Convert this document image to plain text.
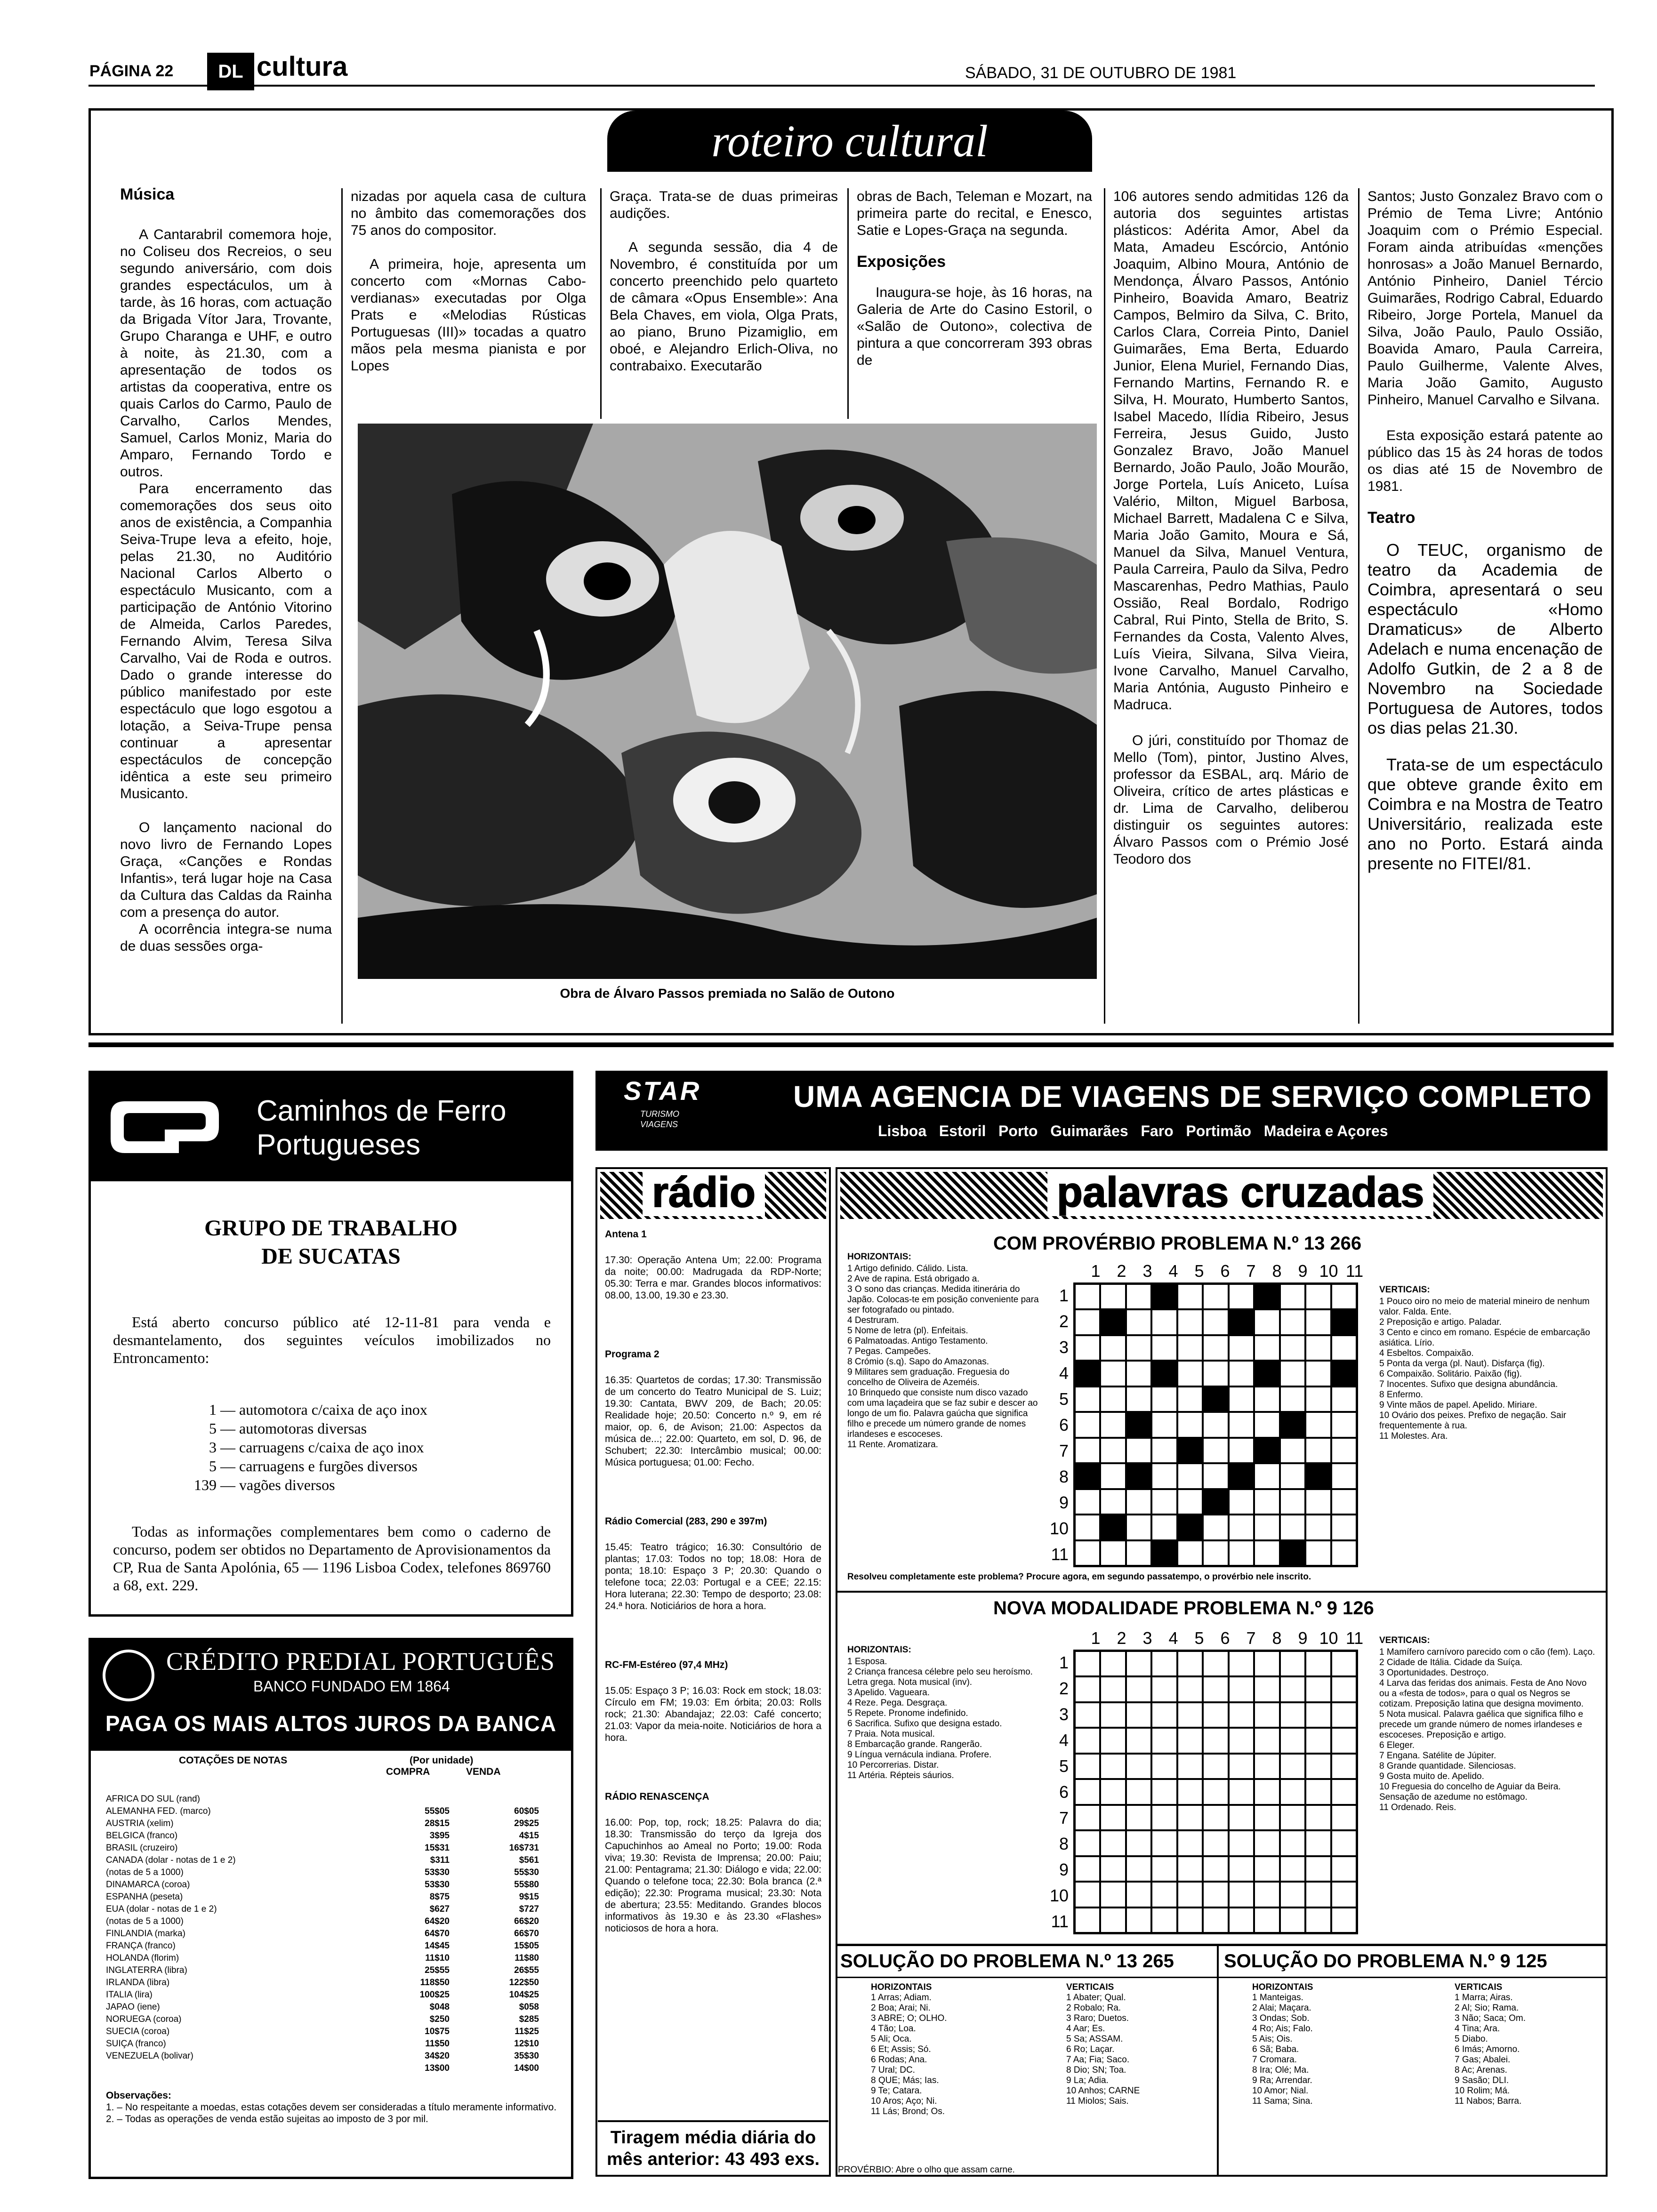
PÁGINA 22	DL cultura	SÁBADO, 31 DE OUTUBRO DE 1981
roteiro cultural

Música

A Cantarabril comemora hoje, no Coliseu dos Recreios, o seu segundo aniversário, com dois grandes espectáculos, um à tarde, às 16 horas, com actuação da Brigada Vítor Jara, Trovante, Grupo Charanga e UHF, e outro à noite, às 21.30, com a apresentação de todos os artistas da cooperativa, entre os quais Carlos do Carmo, Paulo de Carvalho, Carlos Mendes, Samuel, Carlos Moniz, Maria do Amparo, Fernando Tordo e outros.

Para encerramento das comemorações dos seus oito anos de existência, a Companhia Seiva-Trupe leva a efeito, hoje, pelas 21.30, no Auditório Nacional Carlos Alberto o espectáculo Musicanto, com a participação de António Vitorino de Almeida, Carlos Paredes, Fernando Alvim, Teresa Silva Carvalho, Vai de Roda e outros. Dado o grande interesse do público manifestado por este espectáculo que logo esgotou a lotação, a Seiva-Trupe pensa continuar a apresentar espectáculos de concepção idêntica a este seu primeiro Musicanto.

O lançamento nacional do novo livro de Fernando Lopes Graça, «Canções e Rondas Infantis», terá lugar hoje na Casa da Cultura das Caldas da Rainha com a presença do autor.

A ocorrência integra-se numa de duas sessões orga-

nizadas por aquela casa de cultura no âmbito das comemorações dos 75 anos do compositor.

A primeira, hoje, apresenta um concerto com «Mornas Cabo-verdianas» executadas por Olga Prats e «Melodias Rústicas Portuguesas (III)» tocadas a quatro mãos pela mesma pianista e por Lopes

Graça. Trata-se de duas primeiras audições.

A segunda sessão, dia 4 de Novembro, é constituída por um concerto preenchido pelo quarteto de câmara «Opus Ensemble»: Ana Bela Chaves, em viola, Olga Prats, ao piano, Bruno Pizamiglio, em oboé, e Alejandro Erlich-Oliva, no contrabaixo. Executarão

obras de Bach, Teleman e Mozart, na primeira parte do recital, e Enesco, Satie e Lopes-Graça na segunda.

Exposições

Inaugura-se hoje, às 16 horas, na Galeria de Arte do Casino Estoril, o «Salão de Outono», colectiva de pintura a que concorreram 393 obras de

Obra de Álvaro Passos premiada no Salão de Outono

106 autores sendo admitidas 126 da autoria dos seguintes artistas plásticos: Adérita Amor, Abel da Mata, Amadeu Escórcio, António Joaquim, Albino Moura, António de Mendonça, Álvaro Passos, António Pinheiro, Boavida Amaro, Beatriz Campos, Belmiro da Silva, C. Brito, Carlos Clara, Correia Pinto, Daniel Guimarães, Ema Berta, Eduardo Junior, Elena Muriel, Fernando Dias, Fernando Martins, Fernando R. e Silva, H. Mourato, Humberto Santos, Isabel Macedo, Ilídia Ribeiro, Jesus Ferreira, Jesus Guido, Justo Gonzalez Bravo, João Manuel Bernardo, João Paulo, João Mourão, Jorge Portela, Luís Aniceto, Luísa Valério, Milton, Miguel Barbosa, Michael Barrett, Madalena C e Silva, Maria João Gamito, Moura e Sá, Manuel da Silva, Manuel Ventura, Paula Carreira, Paulo da Silva, Pedro Mascarenhas, Pedro Mathias, Paulo Ossião, Real Bordalo, Rodrigo Cabral, Rui Pinto, Stella de Brito, S. Fernandes da Costa, Valento Alves, Luís Vieira, Silvana, Silva Vieira, Ivone Carvalho, Manuel Carvalho, Maria Antónia, Augusto Pinheiro e Madruca.

O júri, constituído por Thomaz de Mello (Tom), pintor, Justino Alves, professor da ESBAL, arq. Mário de Oliveira, crítico de artes plásticas e dr. Lima de Carvalho, deliberou distinguir os seguintes autores: Álvaro Passos com o Prémio José Teodoro dos

Santos; Justo Gonzalez Bravo com o Prémio de Tema Livre; António Joaquim com o Prémio Especial. Foram ainda atribuídas «menções honrosas» a João Manuel Bernardo, António Pinheiro, Daniel Tércio Guimarães, Rodrigo Cabral, Eduardo Ribeiro, Jorge Portela, Manuel da Silva, João Paulo, Paulo Ossião, Boavida Amaro, Paula Carreira, Paulo Guilherme, Valente Alves, Maria João Gamito, Augusto Pinheiro, Manuel Carvalho e Silvana.

Esta exposição estará patente ao público das 15 às 24 horas de todos os dias até 15 de Novembro de 1981.

Teatro

O TEUC, organismo de teatro da Academia de Coimbra, apresentará o seu espectáculo «Homo Dramaticus» de Alberto Adelach e numa encenação de Adolfo Gutkin, de 2 a 8 de Novembro na Sociedade Portuguesa de Autores, todos os dias pelas 21.30.

Trata-se de um espectáculo que obteve grande êxito em Coimbra e na Mostra de Teatro Universitário, realizada este ano no Porto. Estará ainda presente no FITEI/81.

Caminhos de Ferro
Portugueses
GRUPO DE TRABALHO
DE SUCATAS
Está aberto concurso público até 12-11-81 para venda e desmantelamento, dos seguintes veículos imobilizados no Entroncamento:
1 — automotora c/caixa de aço inox
5 — automotoras diversas
3 — carruagens c/caixa de aço inox
5 — carruagens e furgões diversos
139 — vagões diversos
Todas as informações complementares bem como o caderno de concurso, podem ser obtidos no Departamento de Aprovisionamentos da CP, Rua de Santa Apolónia, 65 — 1196 Lisboa Codex, telefones 869760 a 68, ext. 229.
CRÉDITO PREDIAL PORTUGUÊS
BANCO FUNDADO EM 1864
PAGA OS MAIS ALTOS JUROS DA BANCA
COTAÇÕES DE NOTAS	(Por unidade)
COMPRA	VENDA
AFRICA DO SUL (rand)
ALEMANHA FED. (marco)	55$05	60$05
AUSTRIA (xelim)	28$15	29$25
BELGICA (franco)	3$95	4$15
BRASIL (cruzeiro)	15$31	16$731
CANADA (dolar - notas de 1 e 2)	$311	$561
(notas de 5 a 1000)	53$30	55$30
DINAMARCA (coroa)	53$30	55$80
ESPANHA (peseta)	8$75	9$15
EUA (dolar - notas de 1 e 2)	$627	$727
(notas de 5 a 1000)	64$20	66$20
FINLANDIA (marka)	64$70	66$70
FRANÇA (franco)	14$45	15$05
HOLANDA (florim)	11$10	11$80
INGLATERRA (libra)	25$55	26$55
IRLANDA (libra)	118$50	122$50
ITALIA (lira)	100$25	104$25
JAPAO (iene)	$048	$058
NORUEGA (coroa)	$250	$285
SUECIA (coroa)	10$75	11$25
SUIÇA (franco)	11$50	12$10
VENEZUELA (bolivar)	34$20	35$30
13$00	14$00
Observações:
1. – No respeitante a moedas, estas cotações devem ser consideradas a título meramente informativo.
2. – Todas as operações de venda estão sujeitas ao imposto de 3 por mil.
STAR
TURISMO
VIAGENS
UMA AGENCIA DE VIAGENS DE SERVIÇO COMPLETO
Lisboa   Estoril   Porto   Guimarães   Faro   Portimão   Madeira e Açores
rádio
Antena 1
17.30: Operação Antena Um; 22.00: Programa da noite; 00.00: Madrugada da RDP-Norte; 05.30: Terra e mar. Grandes blocos informativos: 08.00, 13.00, 19.30 e 23.30.
Programa 2
16.35: Quartetos de cordas; 17.30: Transmissão de um concerto do Teatro Municipal de S. Luiz; 19.30: Cantata, BWV 209, de Bach; 20.05: Realidade hoje; 20.50: Concerto n.º 9, em ré maior, op. 6, de Avison; 21.00: Aspectos da música de...; 22.00: Quarteto, em sol, D. 96, de Schubert; 22.30: Intercâmbio musical; 00.00: Música portuguesa; 01.00: Fecho.
Rádio Comercial (283, 290 e 397m)
15.45: Teatro trágico; 16.30: Consultório de plantas; 17.03: Todos no top; 18.08: Hora de ponta; 18.10: Espaço 3 P; 20.30: Quando o telefone toca; 22.03: Portugal e a CEE; 22.15: Hora luterana; 22.30: Tempo de desporto; 23.08: 24.ª hora. Noticiários de hora a hora.
RC-FM-Estéreo (97,4 MHz)
15.05: Espaço 3 P; 16.03: Rock em stock; 18.03: Círculo em FM; 19.03: Em órbita; 20.03: Rolls rock; 21.30: Abandajaz; 22.03: Café concerto; 21.03: Vapor da meia-noite. Noticiários de hora a hora.
RÁDIO RENASCENÇA
16.00: Pop, top, rock; 18.25: Palavra do dia; 18.30: Transmissão do terço da Igreja dos Capuchinhos ao Ameal no Porto; 19.00: Roda viva; 19.30: Revista de Imprensa; 20.00: Paiu; 21.00: Pentagrama; 21.30: Diálogo e vida; 22.00: Quando o telefone toca; 22.30: Bola branca (2.ª edição); 22.30: Programa musical; 23.30: Nota de abertura; 23.55: Meditando. Grandes blocos informativos às 19.30 e às 23.30 «Flashes» noticiosos de hora a hora.
Tiragem média diária do
mês anterior: 43 493 exs.
palavras cruzadas
COM PROVÉRBIO PROBLEMA N.º 13 266
HORIZONTAIS:
1 Artigo definido. Cálido. Lista.
2 Ave de rapina. Está obrigado a.
3 O sono das crianças. Medida itinerária do Japão. Colocas-te em posição conveniente para ser fotografado ou pintado.
4 Destruram.
5 Nome de letra (pl). Enfeitais.
6 Palmatoadas. Antigo Testamento.
7 Pegas. Campeões.
8 Crómio (s.q). Sapo do Amazonas.
9 Militares sem graduação. Freguesia do concelho de Oliveira de Azeméis.
10 Brinquedo que consiste num disco vazado com uma laçadeira que se faz subir e descer ao longo de um fio. Palavra gaúcha que significa filho e precede um número grande de nomes irlandeses e escoceses.
11 Rente. Aromatizara.
1 2 3 4 5 6 7 8 9 10 11
1
2
3
4
5
6
7
8
9
10
11
VERTICAIS:
1 Pouco oiro no meio de material mineiro de nenhum valor. Falda. Ente.
2 Preposição e artigo. Paladar.
3 Cento e cinco em romano. Espécie de embarcação asiática. Lírio.
4 Esbeltos. Compaixão.
5 Ponta da verga (pl. Naut). Disfarça (fig).
6 Compaixão. Solitário. Paixão (fig).
7 Inocentes. Sufixo que designa abundância.
8 Enfermo.
9 Vinte mãos de papel. Apelido. Miriare.
10 Ovário dos peixes. Prefixo de negação. Sair frequentemente à rua.
11 Molestes. Ara.
Resolveu completamente este problema? Procure agora, em segundo passatempo, o provérbio nele inscrito.
NOVA MODALIDADE PROBLEMA N.º 9 126
HORIZONTAIS:
1 Esposa.
2 Criança francesa célebre pelo seu heroísmo. Letra grega. Nota musical (inv).
3 Apelido. Vagueara.
4 Reze. Pega. Desgraça.
5 Repete. Pronome indefinido.
6 Sacrifica. Sufixo que designa estado.
7 Praia. Nota musical.
8 Embarcação grande. Rangerão.
9 Língua vernácula indiana. Profere.
10 Percorrerias. Distar.
11 Artéria. Répteis sáurios.
1 2 3 4 5 6 7 8 9 10 11
1
2
3
4
5
6
7
8
9
10
11
VERTICAIS:
1 Mamífero carnívoro parecido com o cão (fem). Laço.
2 Cidade de Itália. Cidade da Suíça.
3 Oportunidades. Destroço.
4 Larva das feridas dos animais. Festa de Ano Novo ou a «festa de todos», para o qual os Negros se cotizam. Preposição latina que designa movimento.
5 Nota musical. Palavra gaélica que significa filho e precede um grande número de nomes irlandeses e escoceses. Preposição e artigo.
6 Eleger.
7 Engana. Satélite de Júpiter.
8 Grande quantidade. Silenciosas.
9 Gosta muito de. Apelido.
10 Freguesia do concelho de Aguiar da Beira. Sensação de azedume no estômago.
11 Ordenado. Reis.
SOLUÇÃO DO PROBLEMA N.º 13 265	SOLUÇÃO DO PROBLEMA N.º 9 125
HORIZONTAIS	VERTICAIS
1 Arras; Adiam.
2 Boa; Arai; Ni.
3 ABRE; O; OLHO.
4 Tão; Loa.
5 Ali; Oca.
6 Et; Assis; Só.
6 Rodas; Ana.
7 Ural; DC.
8 QUE; Más; Ias.
9 Te; Catara.
10 Aros; Aço; Ni.
11 Lás; Brond; Os.
1 Abater; Qual.
2 Robalo; Ra.
3 Raro; Duetos.
4 Aar; Es.
5 Sa; ASSAM.
6 Ro; Laçar.
7 Aa; Fia; Saco.
8 Dio; SN; Toa.
9 La; Adia.
10 Anhos; CARNE
11 Miolos; Sais.
PROVÉRBIO: Abre o olho que assam carne.
HORIZONTAIS	VERTICAIS
1 Manteigas.
2 Alai; Maçara.
3 Ondas; Sob.
4 Ro; Ais; Falo.
5 Ais; Ois.
6 Sã; Baba.
7 Cromara.
8 Ira; Olé; Ma.
9 Ra; Arrendar.
10 Amor; Nial.
11 Sama; Sina.
1 Marra; Airas.
2 Al; Sio; Rama.
3 Não; Saca; Om.
4 Tina; Ara.
5 Diabo.
6 Imás; Amorno.
7 Gas; Abalei.
8 Ac; Arenas.
9 Sasão; DLI.
10 Rolim; Má.
11 Nabos; Barra.
